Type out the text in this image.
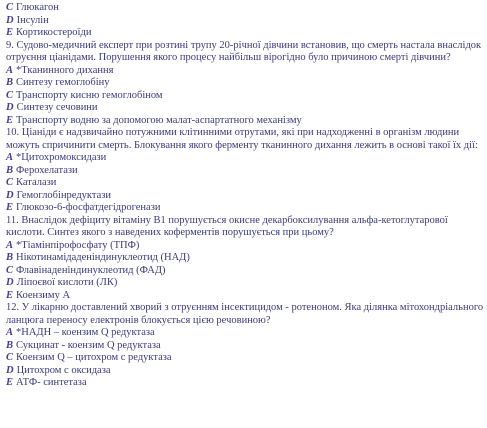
C Глюкагон
D Інсулін
E Кортикостероїди
9. Судово-медичний експерт при розтині трупу 20-річної дівчини встановив, що смерть настала внаслідок отруєння ціанідами. Порушення якого процесу найбільш вірогідно було причиною смерті дівчини?
A *Тканинного дихання
B Синтезу гемоглобіну
C Транспорту кисню гемоглобіном
D Синтезу сечовини
E Транспорту водню за допомогою малат-аспартатного механізму
10. Ціаніди є надзвичайно потужними клітинними отрутами, які при надходженні в організм людини можуть спричинити смерть. Блокування якого ферменту тканинного дихання лежить в основі такої їх дії:
A *Цитохромоксидази
B Ферохелатази
C Каталази
D Гемоглобінредуктази
E Глюкозо-6-фосфатдегідрогенази
11. Внаслідок дефіциту вітаміну В1 порушується окисне декарбоксилування альфа-кетоглутарової кислоти. Синтез якого з наведених коферментів порушується при цьому?
A *Тіамінпірофосфату (ТПФ)
B Нікотинамідаденіндинуклеотид (НАД)
C Флавінаденіндинуклеотид (ФАД)
D Ліпоєвої кислоти (ЛК)
E Коензиму А
12. У лікарню доставлений хворий з отруєнням інсектицидом - ротеноном. Яка ділянка мітохондріального ланцюга переносу електронів блокується цією речовиною?
A *НАДН – коензим Q редуктаза
B Сукцинат - коензим Q редуктаза
C Коензим Q – цитохром с редуктаза
D Цитохром с оксидаза
E АТФ- синтетаза
